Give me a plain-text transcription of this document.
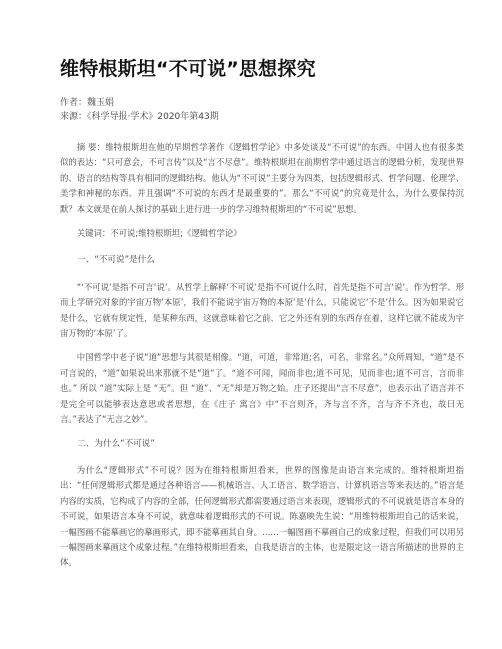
维特根斯坦“不可说”思想探究
作者：魏玉娟
来源：《科学导报·学术》2020年第43期

摘 要：维特根斯坦在他的早期哲学著作《逻辑哲学论》中多处谈及“不可说”的东西。中国人也有很多类似的表达：“只可意会，不可言传”以及“言不尽意”。维特根斯坦在前期哲学中通过语言的逻辑分析，发现世界的、语言的结构等具有相同的逻辑结构。他认为“不可说”主要分为四类，包括逻辑形式、哲学问题、伦理学、美学和神秘的东西。并且强调“不可说的东西才是最重要的”。那么“不可说”的究竟是什么，为什么要保持沉默？本文就是在前人探讨的基础上进行进一步的学习维特根斯坦的“不可说”思想。

关键词：不可说;维特根斯坦;《逻辑哲学论》

一、“不可说”是什么

“‘不可说’是指不可言‘说’。从哲学上解释‘不可说’是指不可说什么时，首先是指不可言‘说’。作为哲学、形而上学研究对象的宇宙万物‘本原’，我们不能说宇宙万物的本原‘是’什么，只能说它‘不是’什么。因为如果说它是什么，它就有规定性，是某种东西，这就意味着它之前、它之外还有别的东西存在着，这样它就不能成为宇宙万物的‘本原’了。

中国哲学中老子说“道”思想与其很是相像。“道，可道，非常道;名，可名，非常名。”众所周知，“道”是不可言说的，“道”如果说出来那就不是“道”了。“道不可闻，闻而非也;道不可见，见而非也;道不可言，言而非也。” 所以 “道”实际上是 “无”。但 “道”、“无”却是万物之始。庄子还提出“言不尽意”，也表示出了语言并不是完全可以能够表达意思或者思想，在《庄子 寓言》中“不言则齐，齐与言不齐，言与齐不齐也，故曰无言。”表达了“无言之妙”。

二、为什么“不可说”

为什么“逻辑形式”不可说？因为在维特根斯坦看来，世界的图像是由语言来完成的。维特根斯坦指出：“任何逻辑形式都是通过各种语言——机械语言、人工语言、数学语言、计算机语言等来表达的。”语言是内容的实质，它构成了内容的全部，任何逻辑形式都需要通过语言来表现，逻辑形式的不可说就是语言本身的不可说，如果语言本身不可说，就意味着逻辑形式的不可说。陈嘉映先生说：“用维特根斯坦自己的话来说，一幅图画不能摹画它的摹画形式，即不能摹画其自身。……一幅图画不摹画自己的成象过程，但我们可以用另一幅图画来摹画这个成象过程。”在维特根斯坦看来，自我是语言的主体，也是限定这一语言所描述的世界的主体。
